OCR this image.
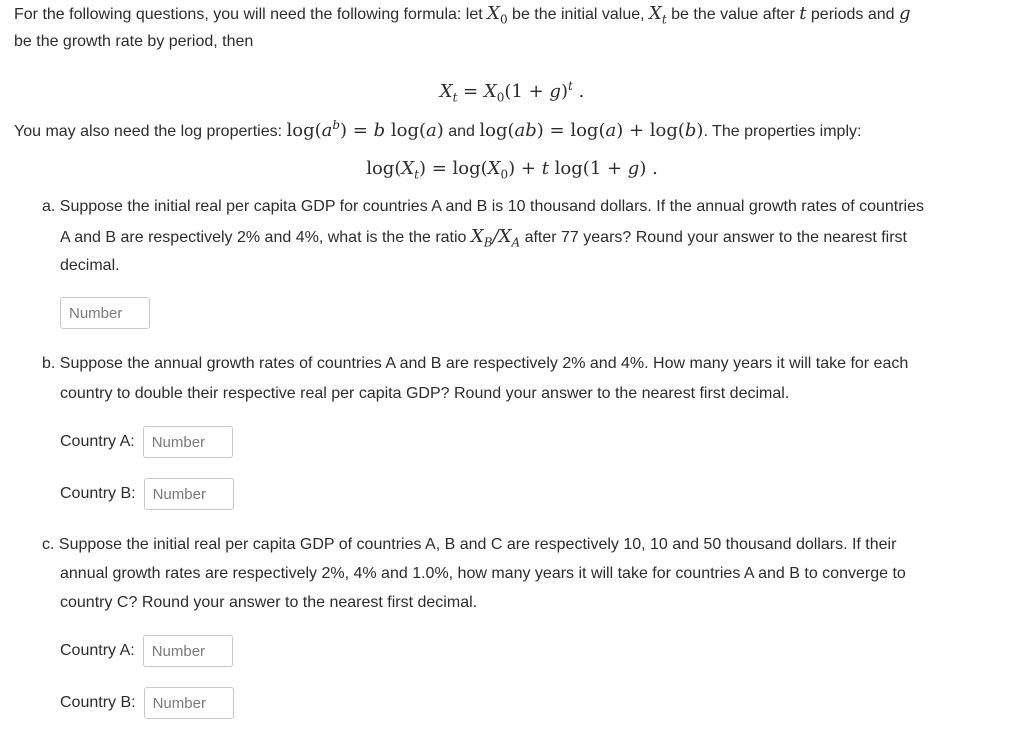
For the following questions, you will need the following formula: let $X_0$ be the initial value, $X_t$ be the value after t periods and g
be the growth rate by period, then
$X_t = X_0(1 + g)^t$ .
You may also need the log properties: $\log(a^b) = b$ log(a) and log(ab) = log(a) + log(b). The properties imply:
$\log(X_t) = \log(X_0) + t$ log(1 + g) .
a. Suppose the initial real per capita GDP for countries A and B is 10 thousand dollars. If the annual growth rates of countries
A and B are respectively 2% and 4%, what is the the ratio $X_B/X_A$ after 77 years? Round your answer to the nearest first
decimal.
Number
b. Suppose the annual growth rates of countries A and B are respectively 2% and 4%. How many years it will take for each
country to double their respective real per capita GDP? Round your answer to the nearest first decimal.
Country A:
Number
Country B:
Number
c. Suppose the initial real per capita GDP of countries A, B and C are respectively 10, 10 and 50 thousand dollars. If their
annual growth rates are respectively 2%, 4% and 1.0%, how many years it will take for countries A and B to converge to
country C? Round your answer to the nearest first decimal.
Country A:
Number
Country B:
Number
